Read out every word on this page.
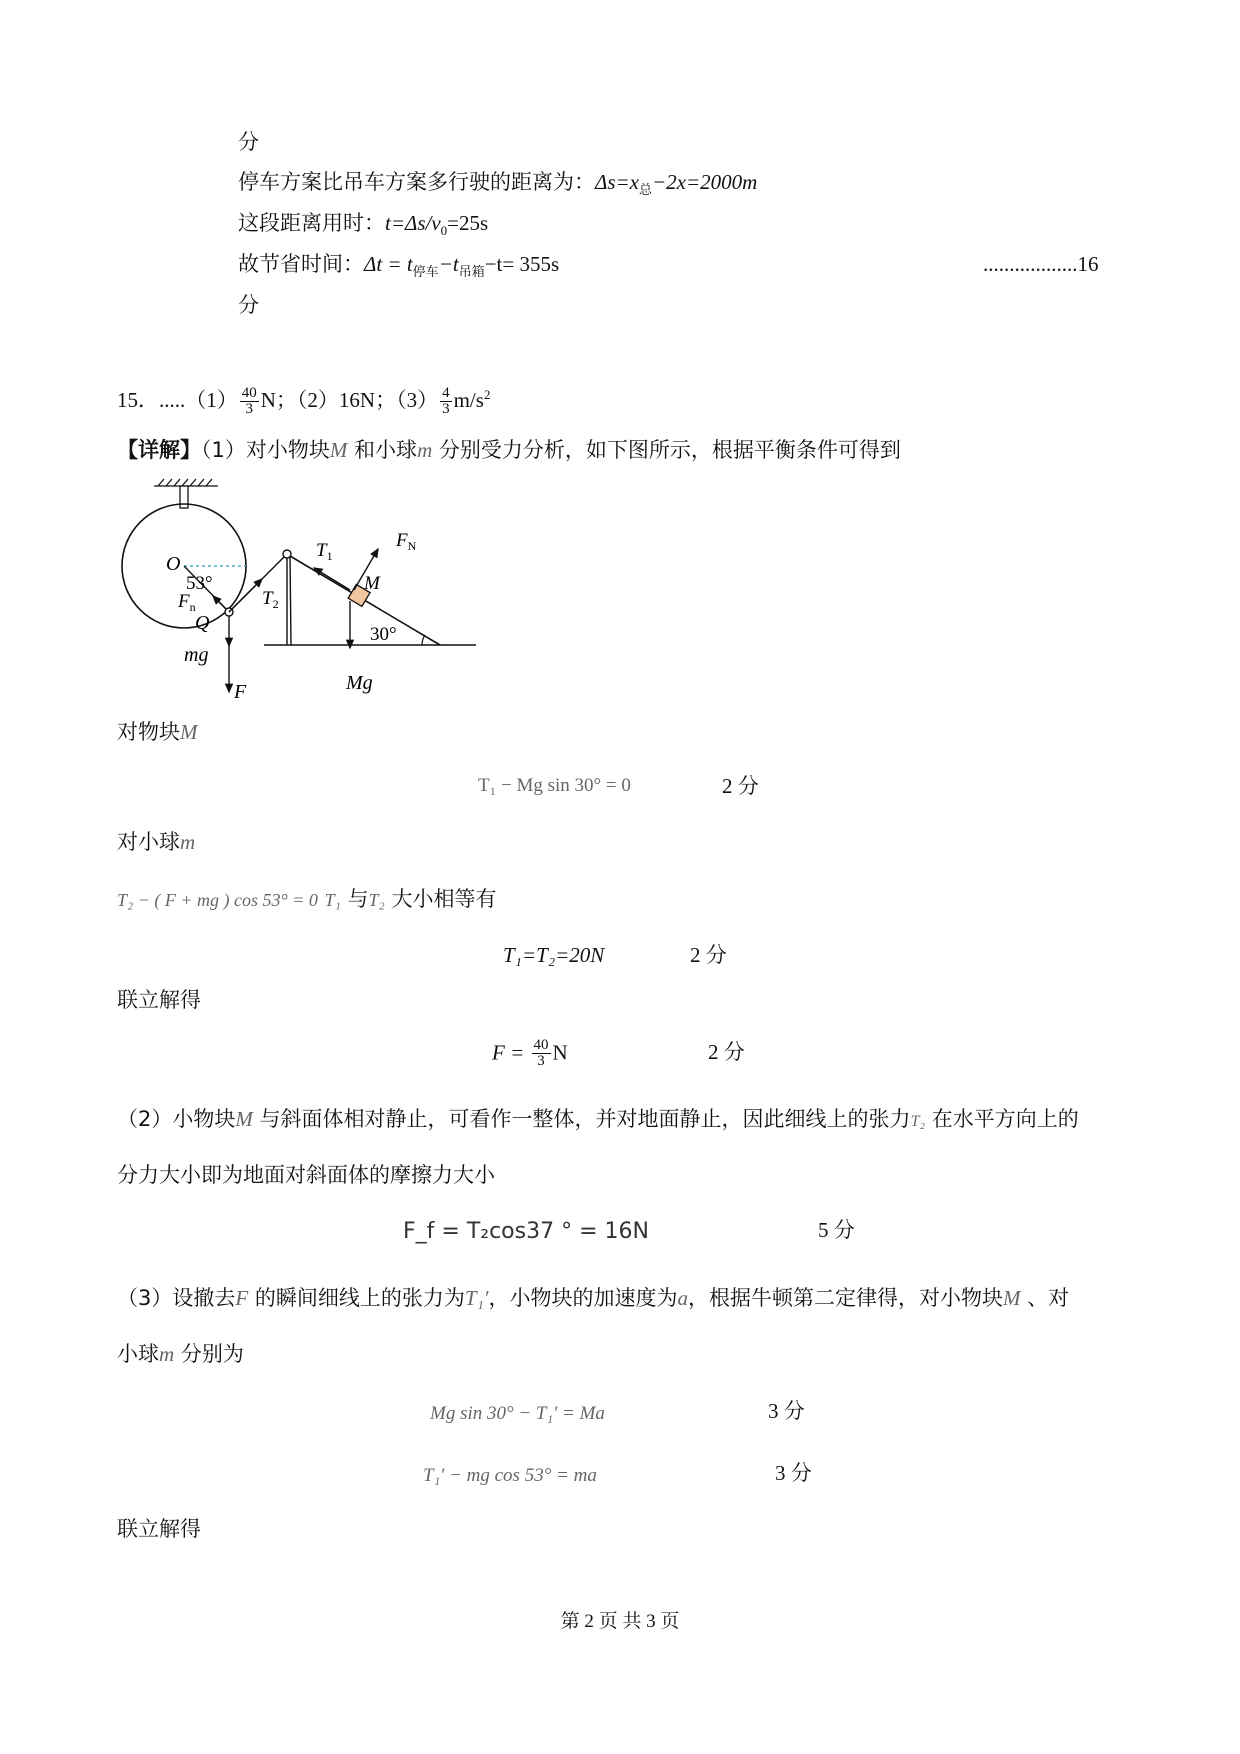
分
停车方案比吊车方案多行驶的距离为：$\Delta s=x_总-2x=2000m$
这段距离用时：$t=\Delta s/v_0=25s$
故节省时间：$\Delta t = t_{停车}-t_{吊箱}-t= 355s$	..................16
分
15．$.....(1) \frac{40}{3}$ N；（2）16N；$(3) \frac{4}{3} m/s^2$
【详解】（1）对小物块M 和小球m 分别受力分析，如下图所示，根据平衡条件可得到
O
53°
$F_n$
Q
mg
F
$T_2$
$T_1$
$F_N$
M
30°
Mg
对物块M
T₁ − Mg sin 30° = 0	2 分
对小球m
T₂ − ( F + mg ) cos 53° = 0 T₁ 与T₂ 大小相等有
T₁=T₂=20N	2 分
联立解得
$F = \frac{40}{3}$ N	2 分
（2）小物块M 与斜面体相对静止，可看作一整体，并对地面静止，因此细线上的张力T₂ 在水平方向上的
分力大小即为地面对斜面体的摩擦力大小
F_f = T₂cos37 ° = 16N	5 分
（3）设撤去F 的瞬间细线上的张力为T₁′，小物块的加速度为a，根据牛顿第二定律得，对小物块M 、对
小球m 分别为
Mg sin 30° − T₁′ = Ma	3 分
T₁′ − mg cos 53° = ma	3 分
联立解得
第 2 页 共 3 页
